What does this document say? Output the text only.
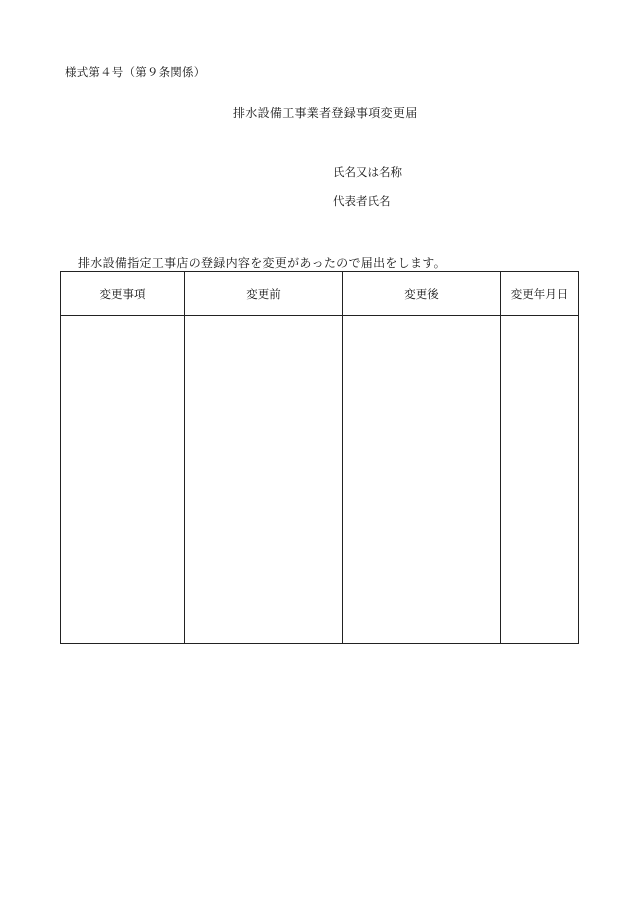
様式第４号（第９条関係）
排水設備工事業者登録事項変更届
氏名又は名称
代表者氏名
排水設備指定工事店の登録内容を変更があったので届出をします。
変更事項	変更前	変更後	変更年月日
